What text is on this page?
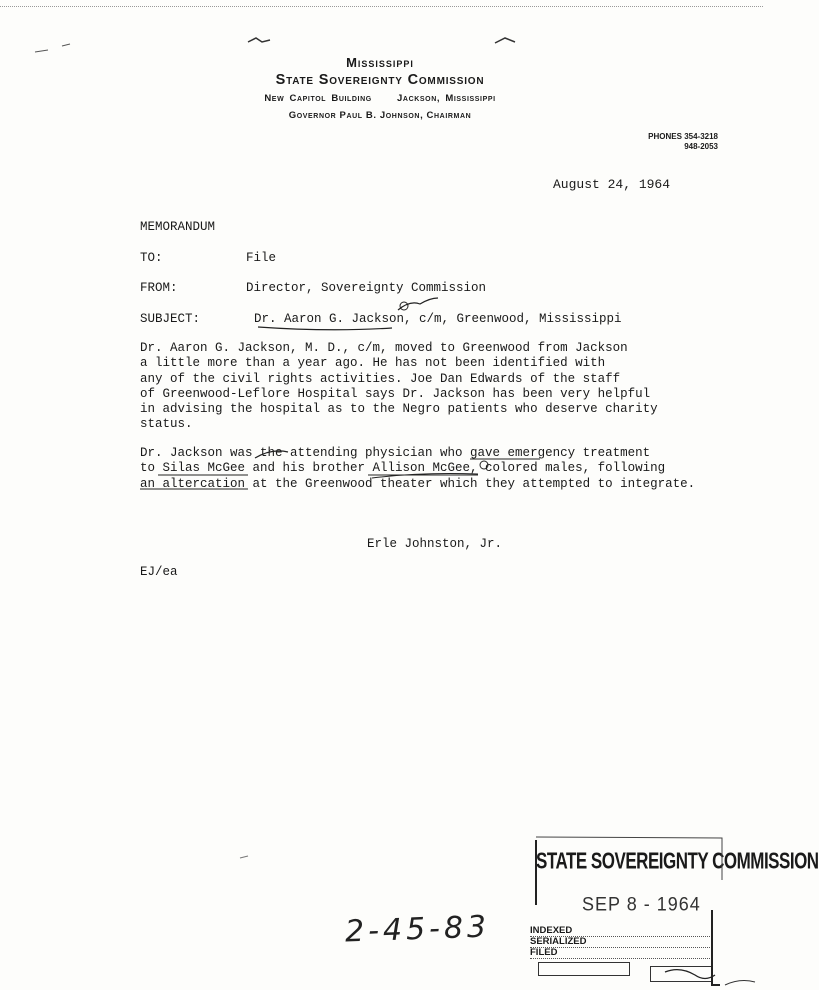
Mississippi
State Sovereignty Commission
New Capitol Building	Jackson, Mississippi
Governor Paul B. Johnson, Chairman
PHONES 354-3218
948-2053
August 24, 1964
MEMORANDUM
TO:	File
FROM:	Director, Sovereignty Commission
SUBJECT:	Dr. Aaron G. Jackson, c/m, Greenwood, Mississippi
Dr. Aaron G. Jackson, M. D., c/m, moved to Greenwood from Jackson
a little more than a year ago. He has not been identified with
any of the civil rights activities. Joe Dan Edwards of the staff
of Greenwood-Leflore Hospital says Dr. Jackson has been very helpful
in advising the hospital as to the Negro patients who deserve charity
status.
Dr. Jackson was the attending physician who gave emergency treatment
to Silas McGee and his brother Allison McGee, colored males, following
an altercation at the Greenwood theater which they attempted to integrate.
Erle Johnston, Jr.
EJ/ea
2-45-83
STATE SOVEREIGNTY COMMISSION
SEP 8 - 1964
INDEXED
SERIALIZED
FILED
